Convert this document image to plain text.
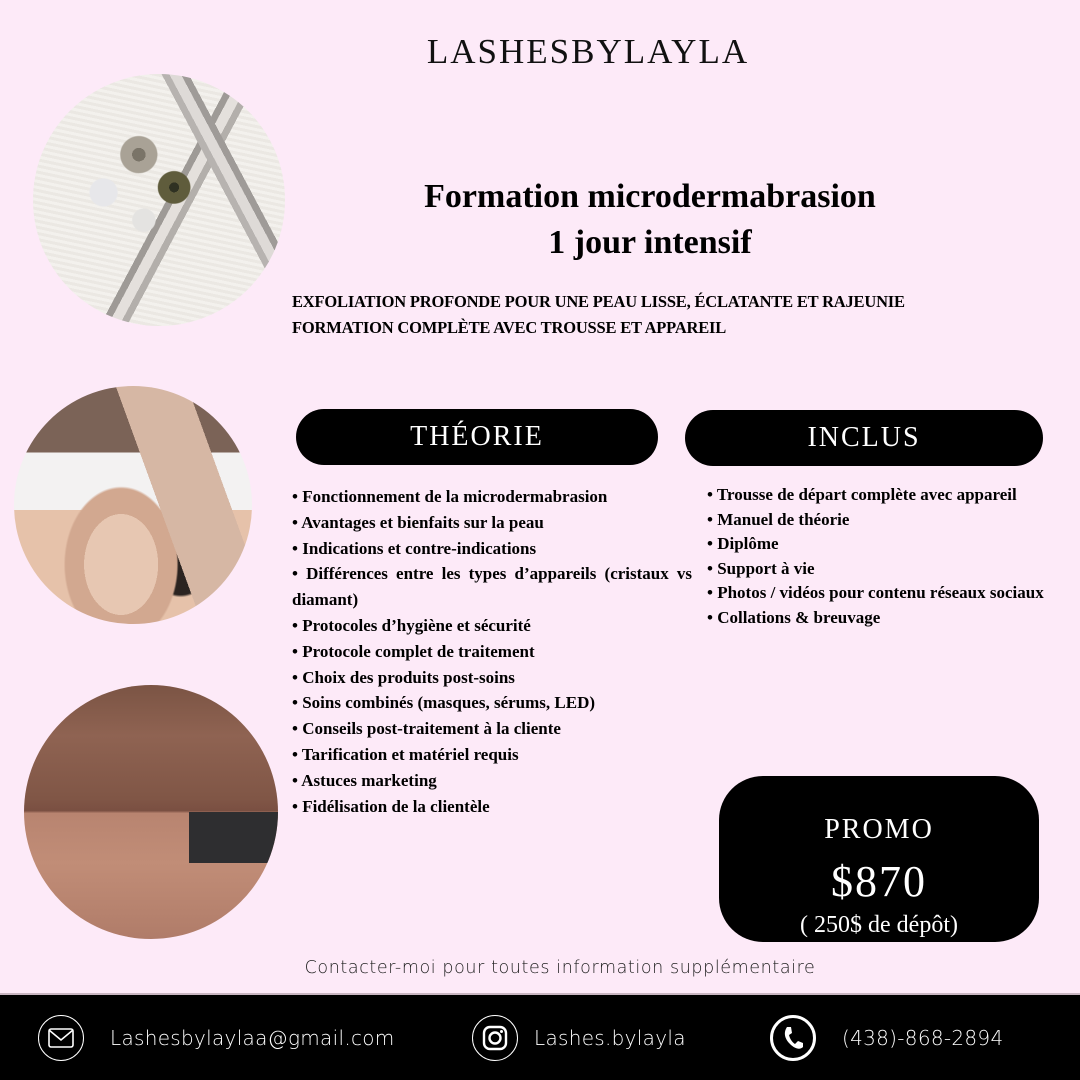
LASHESBYLAYLA
Formation microdermabrasion
1 jour intensif
EXFOLIATION PROFONDE POUR UNE PEAU LISSE, ÉCLATANTE ET RAJEUNIE
FORMATION COMPLÈTE AVEC TROUSSE ET APPAREIL
THÉORIE	INCLUS
• Fonctionnement de la microdermabrasion
• Avantages et bienfaits sur la peau
• Indications et contre-indications
• Différences entre les types d’appareils (cristaux vs diamant)
• Protocoles d’hygiène et sécurité
• Protocole complet de traitement
• Choix des produits post-soins
• Soins combinés (masques, sérums, LED)
• Conseils post-traitement à la cliente
• Tarification et matériel requis
• Astuces marketing
• Fidélisation de la clientèle
• Trousse de départ complète avec appareil
• Manuel de théorie
• Diplôme
• Support à vie
• Photos / vidéos pour contenu réseaux sociaux
• Collations & breuvage
PROMO
$870
( 250$ de dépôt)
Contacter-moi pour toutes information supplémentaire
Lashesbylaylaa@gmail.com	Lashes.bylayla	(438)-868-2894
